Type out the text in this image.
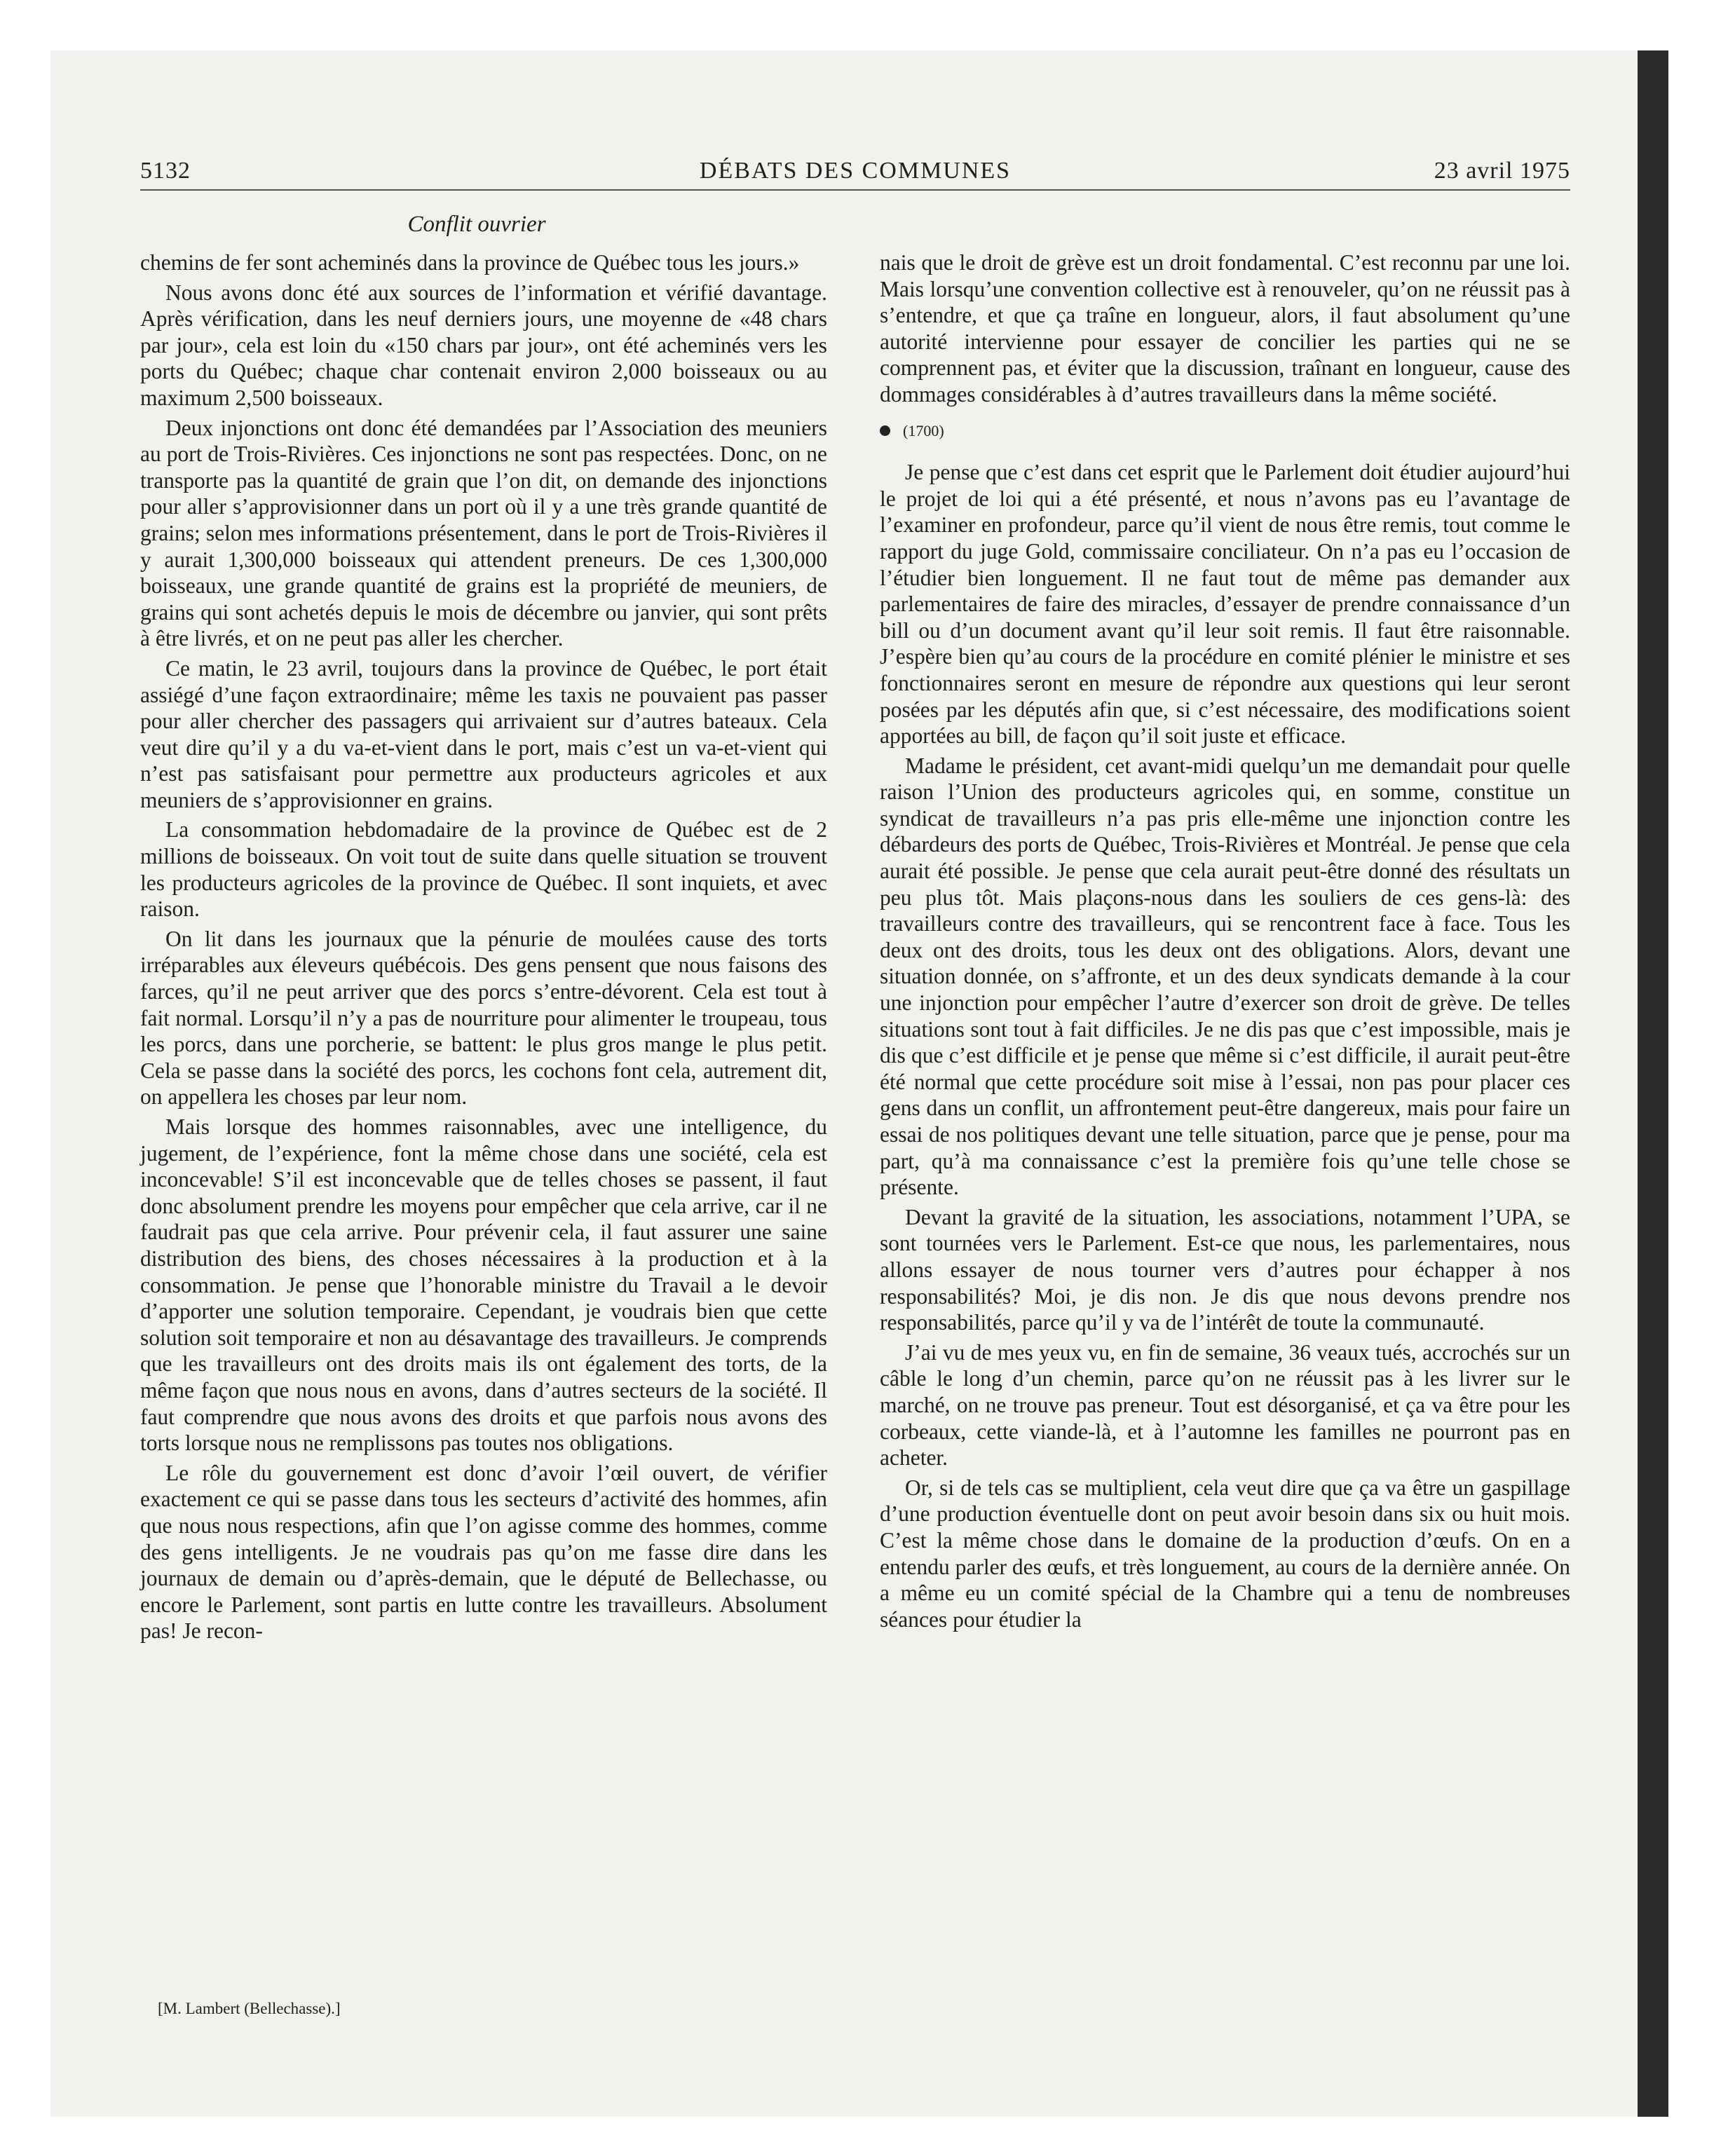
5132	DÉBATS DES COMMUNES	23 avril 1975
Conflit ouvrier

chemins de fer sont acheminés dans la province de Québec tous les jours.»

Nous avons donc été aux sources de l’information et vérifié davantage. Après vérification, dans les neuf derniers jours, une moyenne de «48 chars par jour», cela est loin du «150 chars par jour», ont été acheminés vers les ports du Québec; chaque char contenait environ 2,000 boisseaux ou au maximum 2,500 boisseaux.

Deux injonctions ont donc été demandées par l’Association des meuniers au port de Trois-Rivières. Ces injonctions ne sont pas respectées. Donc, on ne transporte pas la quantité de grain que l’on dit, on demande des injonctions pour aller s’approvisionner dans un port où il y a une très grande quantité de grains; selon mes informations présentement, dans le port de Trois-Rivières il y aurait 1,300,000 boisseaux qui attendent preneurs. De ces 1,300,000 boisseaux, une grande quantité de grains est la propriété de meuniers, de grains qui sont achetés depuis le mois de décembre ou janvier, qui sont prêts à être livrés, et on ne peut pas aller les chercher.

Ce matin, le 23 avril, toujours dans la province de Québec, le port était assiégé d’une façon extraordinaire; même les taxis ne pouvaient pas passer pour aller chercher des passagers qui arrivaient sur d’autres bateaux. Cela veut dire qu’il y a du va-et-vient dans le port, mais c’est un va-et-vient qui n’est pas satisfaisant pour permettre aux producteurs agricoles et aux meuniers de s’approvisionner en grains.

La consommation hebdomadaire de la province de Québec est de 2 millions de boisseaux. On voit tout de suite dans quelle situation se trouvent les producteurs agricoles de la province de Québec. Il sont inquiets, et avec raison.

On lit dans les journaux que la pénurie de moulées cause des torts irréparables aux éleveurs québécois. Des gens pensent que nous faisons des farces, qu’il ne peut arriver que des porcs s’entre-dévorent. Cela est tout à fait normal. Lorsqu’il n’y a pas de nourriture pour alimenter le troupeau, tous les porcs, dans une porcherie, se battent: le plus gros mange le plus petit. Cela se passe dans la société des porcs, les cochons font cela, autrement dit, on appellera les choses par leur nom.

Mais lorsque des hommes raisonnables, avec une intelligence, du jugement, de l’expérience, font la même chose dans une société, cela est inconcevable! S’il est inconcevable que de telles choses se passent, il faut donc absolument prendre les moyens pour empêcher que cela arrive, car il ne faudrait pas que cela arrive. Pour prévenir cela, il faut assurer une saine distribution des biens, des choses nécessaires à la production et à la consommation. Je pense que l’honorable ministre du Travail a le devoir d’apporter une solution temporaire. Cependant, je voudrais bien que cette solution soit temporaire et non au désavantage des travailleurs. Je comprends que les travailleurs ont des droits mais ils ont également des torts, de la même façon que nous nous en avons, dans d’autres secteurs de la société. Il faut comprendre que nous avons des droits et que parfois nous avons des torts lorsque nous ne remplissons pas toutes nos obligations.

Le rôle du gouvernement est donc d’avoir l’œil ouvert, de vérifier exactement ce qui se passe dans tous les secteurs d’activité des hommes, afin que nous nous respections, afin que l’on agisse comme des hommes, comme des gens intelligents. Je ne voudrais pas qu’on me fasse dire dans les journaux de demain ou d’après-demain, que le député de Bellechasse, ou encore le Parlement, sont partis en lutte contre les travailleurs. Absolument pas! Je recon-

nais que le droit de grève est un droit fondamental. C’est reconnu par une loi. Mais lorsqu’une convention collective est à renouveler, qu’on ne réussit pas à s’entendre, et que ça traîne en longueur, alors, il faut absolument qu’une autorité intervienne pour essayer de concilier les parties qui ne se comprennent pas, et éviter que la discussion, traînant en longueur, cause des dommages considérables à d’autres travailleurs dans la même société.

(1700)

Je pense que c’est dans cet esprit que le Parlement doit étudier aujourd’hui le projet de loi qui a été présenté, et nous n’avons pas eu l’avantage de l’examiner en profondeur, parce qu’il vient de nous être remis, tout comme le rapport du juge Gold, commissaire conciliateur. On n’a pas eu l’occasion de l’étudier bien longuement. Il ne faut tout de même pas demander aux parlementaires de faire des miracles, d’essayer de prendre connaissance d’un bill ou d’un document avant qu’il leur soit remis. Il faut être raisonnable. J’espère bien qu’au cours de la procédure en comité plénier le ministre et ses fonctionnaires seront en mesure de répondre aux questions qui leur seront posées par les députés afin que, si c’est nécessaire, des modifications soient apportées au bill, de façon qu’il soit juste et efficace.

Madame le président, cet avant-midi quelqu’un me demandait pour quelle raison l’Union des producteurs agricoles qui, en somme, constitue un syndicat de travailleurs n’a pas pris elle-même une injonction contre les débardeurs des ports de Québec, Trois-Rivières et Montréal. Je pense que cela aurait été possible. Je pense que cela aurait peut-être donné des résultats un peu plus tôt. Mais plaçons-nous dans les souliers de ces gens-là: des travailleurs contre des travailleurs, qui se rencontrent face à face. Tous les deux ont des droits, tous les deux ont des obligations. Alors, devant une situation donnée, on s’affronte, et un des deux syndicats demande à la cour une injonction pour empêcher l’autre d’exercer son droit de grève. De telles situations sont tout à fait difficiles. Je ne dis pas que c’est impossible, mais je dis que c’est difficile et je pense que même si c’est difficile, il aurait peut-être été normal que cette procédure soit mise à l’essai, non pas pour placer ces gens dans un conflit, un affrontement peut-être dangereux, mais pour faire un essai de nos politiques devant une telle situation, parce que je pense, pour ma part, qu’à ma connaissance c’est la première fois qu’une telle chose se présente.

Devant la gravité de la situation, les associations, notamment l’UPA, se sont tournées vers le Parlement. Est-ce que nous, les parlementaires, nous allons essayer de nous tourner vers d’autres pour échapper à nos responsabilités? Moi, je dis non. Je dis que nous devons prendre nos responsabilités, parce qu’il y va de l’intérêt de toute la communauté.

J’ai vu de mes yeux vu, en fin de semaine, 36 veaux tués, accrochés sur un câble le long d’un chemin, parce qu’on ne réussit pas à les livrer sur le marché, on ne trouve pas preneur. Tout est désorganisé, et ça va être pour les corbeaux, cette viande-là, et à l’automne les familles ne pourront pas en acheter.

Or, si de tels cas se multiplient, cela veut dire que ça va être un gaspillage d’une production éventuelle dont on peut avoir besoin dans six ou huit mois. C’est la même chose dans le domaine de la production d’œufs. On en a entendu parler des œufs, et très longuement, au cours de la dernière année. On a même eu un comité spécial de la Chambre qui a tenu de nombreuses séances pour étudier la

[M. Lambert (Bellechasse).]
